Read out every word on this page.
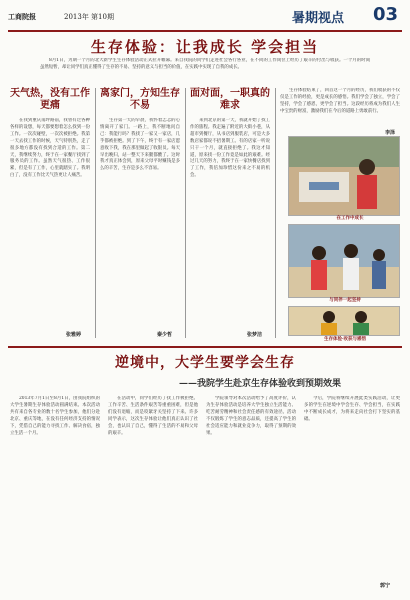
工商院报	2013年 第10期	暑期视点 03
生存体验：让我成长 学会担当

8月1日，为期一个月的北大新学生生存体验活动正式拉开帷幕。来自我院的同学们走进社会各行各业，在不同的工作岗位上经历了艰辛的付出与收获。一个月的时间虽然短暂，却让同学们真正懂得了生存的不易、坚持的意义与担当的价值，在实践中实现了自我的成长。

天气热，没有工作更痛

在我到重庆南坪路前，我曾有过各种各样的设想，每天都要想着怎么找到一份工作。一次次碰壁，一次次被拒绝。我第一天去找工作的时候，天气特别热，走了很多地方都没有找到合适的工作。第二天，我继续努力，终于在一家餐厅找到了服务员的工作。虽然天气很热、工作很累，但是有了工作，心里就踏实了。我明白了，没有工作比天气热更让人痛苦。

张雅婷
离家门，方知生存不易

生存第一天的早晨，我怀着忐忑的心情离开了家门。一路上，我不断地问自己：我能行吗？我找了一家又一家店，几乎都被拒绝。到了下午，终于有一家店愿意收下我，我在那里做起了收银员。每天早出晚归，站一整天下来腿都酸了。这时我才真正体会到，原来父母平时赚钱是多么的辛苦，生存是多么不容易。

秦少哲
面对面，一职真的难求

来到北京的第一天，我就开始了找工作的旅程。我走遍了附近的大街小巷，从超市到餐厅，从书店到服装店，可是大多数店家都说不招暑期工。有的店家一听说只干一个月，就直接拒绝了。我这才知道，原来找一份工作竟是如此的艰难。经过几天的努力，我终于在一家快餐店找到了工作，我倍加珍惜这份来之不易的机会。

张梦洁

生存体验结束了，回首这一个月的经历，我们收获的不仅仅是工作的经验，更是成长的感悟。我们学会了独立，学会了坚持，学会了感恩，更学会了担当。这段经历将成为我们人生中宝贵的财富，激励我们在今后的道路上勇敢前行。

李泽
在工作中成长
与同伴一起坚持
生存体验·收获与感悟
逆境中，大学生要学会生存
——我院学生赴京生存体验收到预期效果

2013年7月1日至8月1日，由我院组织的大学生暑期生存体验活动圆满结束。本次活动共有来自各专业的数十名学生参加，他们分赴北京、重庆等地，在没有任何经济支持的情况下，凭借自己的能力寻找工作、解决食宿，独立生活一个月。

在活动中，同学们经历了找工作被拒绝、工作辛苦、生活条件艰苦等重重困难，但是他们没有退缩，而是咬紧牙关坚持了下来。许多同学表示，这次生存体验让他们真正认识了社会，也认识了自己，懂得了生活的不易和父母的艰辛。

学院领导对本次活动给予了高度评价，认为生存体验活动是培养大学生独立生活能力、吃苦耐劳精神和社会责任感的有效途径。活动不仅锻炼了学生的意志品质，还提高了学生的社会适应能力和就业竞争力，取得了预期的效果。

今后，学院将继续开展此类实践活动，让更多的学生在逆境中学会生存、学会担当，在实践中不断成长成才，为将来走向社会打下坚实的基础。

郭宁
